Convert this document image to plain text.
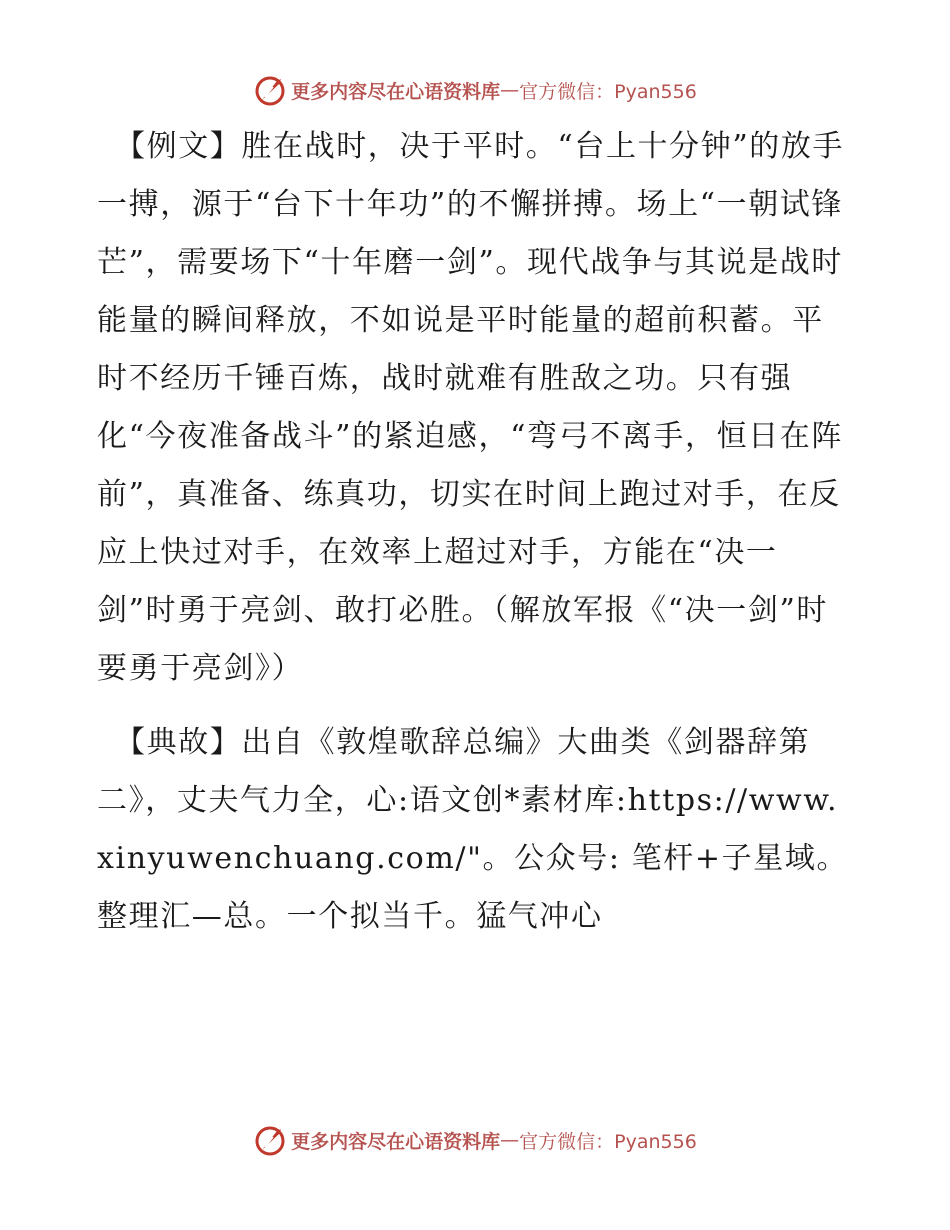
更多内容尽在心语资料库 — 官方微信：Pyan556

【例文】胜在战时，决于平时。“台上十分钟”的放手一搏，源于“台下十年功”的不懈拼搏。场上“一朝试锋芒”，需要场下“十年磨一剑”。现代战争与其说是战时能量的瞬间释放，不如说是平时能量的超前积蓄。平时不经历千锤百炼，战时就难有胜敌之功。只有强化“今夜准备战斗”的紧迫感，“弯弓不离手，恒日在阵前”，真准备、练真功，切实在时间上跑过对手，在反应上快过对手，在效率上超过对手，方能在“决一剑”时勇于亮剑、敢打必胜。（解放军报《“决一剑”时要勇于亮剑》）

【典故】出自《敦煌歌辞总编》大曲类《剑器辞第二》，丈夫气力全，心:语文创*素材库:https://www.xinyuwenchuang.com/"。公众号: 笔杆+子星域。整理汇—总。一个拟当千。猛气冲心

更多内容尽在心语资料库 — 官方微信：Pyan556
